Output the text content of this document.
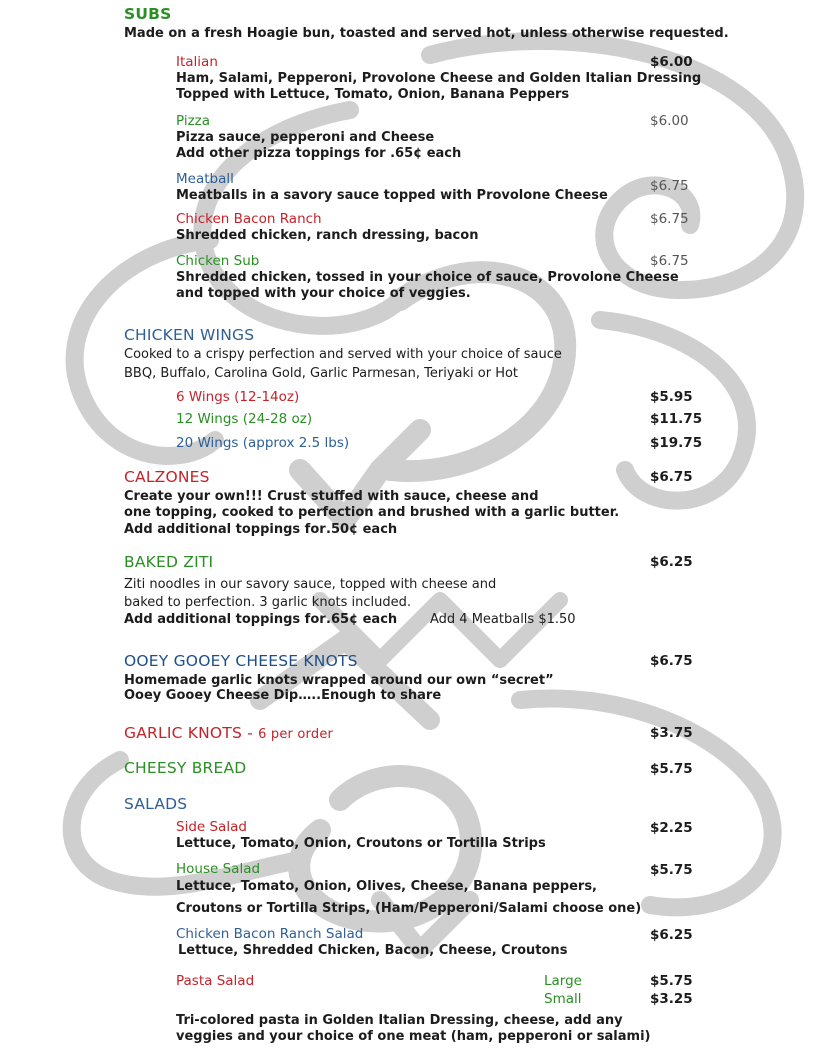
SUBS
Made on a fresh Hoagie bun, toasted and served hot, unless otherwise requested.
Italian	$6.00
Ham, Salami, Pepperoni, Provolone Cheese and Golden Italian Dressing
Topped with Lettuce, Tomato, Onion, Banana Peppers
Pizza	$6.00
Pizza sauce, pepperoni and Cheese
Add other pizza toppings for .65¢ each
Meatball	$6.75
Meatballs in a savory sauce topped with Provolone Cheese
Chicken Bacon Ranch	$6.75
Shredded chicken, ranch dressing, bacon
Chicken Sub	$6.75
Shredded chicken, tossed in your choice of sauce, Provolone Cheese
and topped with your choice of veggies.
CHICKEN WINGS
Cooked to a crispy perfection and served with your choice of sauce
BBQ, Buffalo, Carolina Gold, Garlic Parmesan, Teriyaki or Hot
6 Wings (12-14oz)	$5.95
12 Wings (24-28 oz)	$11.75
20 Wings (approx 2.5 lbs)	$19.75
CALZONES	$6.75
Create your own!!! Crust stuffed with sauce, cheese and
one topping, cooked to perfection and brushed with a garlic butter.
Add additional toppings for .50¢ each
BAKED ZITI	$6.25
Ziti noodles in our savory sauce, topped with cheese and
baked to perfection. 3 garlic knots included.
Add additional toppings for .65¢ each	Add 4 Meatballs $1.50
OOEY GOOEY CHEESE KNOTS	$6.75
Homemade garlic knots wrapped around our own “secret”
Ooey Gooey Cheese Dip…..Enough to share
GARLIC KNOTS - 6 per order	$3.75
CHEESY BREAD	$5.75
SALADS
Side Salad	$2.25
Lettuce, Tomato, Onion, Croutons or Tortilla Strips
House Salad	$5.75
Lettuce, Tomato, Onion, Olives, Cheese, Banana peppers,
Croutons or Tortilla Strips, (Ham/Pepperoni/Salami choose one)
Chicken Bacon Ranch Salad	$6.25
Lettuce, Shredded Chicken, Bacon, Cheese, Croutons
Pasta Salad	Large	$5.75
Small	$3.25
Tri-colored pasta in Golden Italian Dressing, cheese, add any
veggies and your choice of one meat (ham, pepperoni or salami)
